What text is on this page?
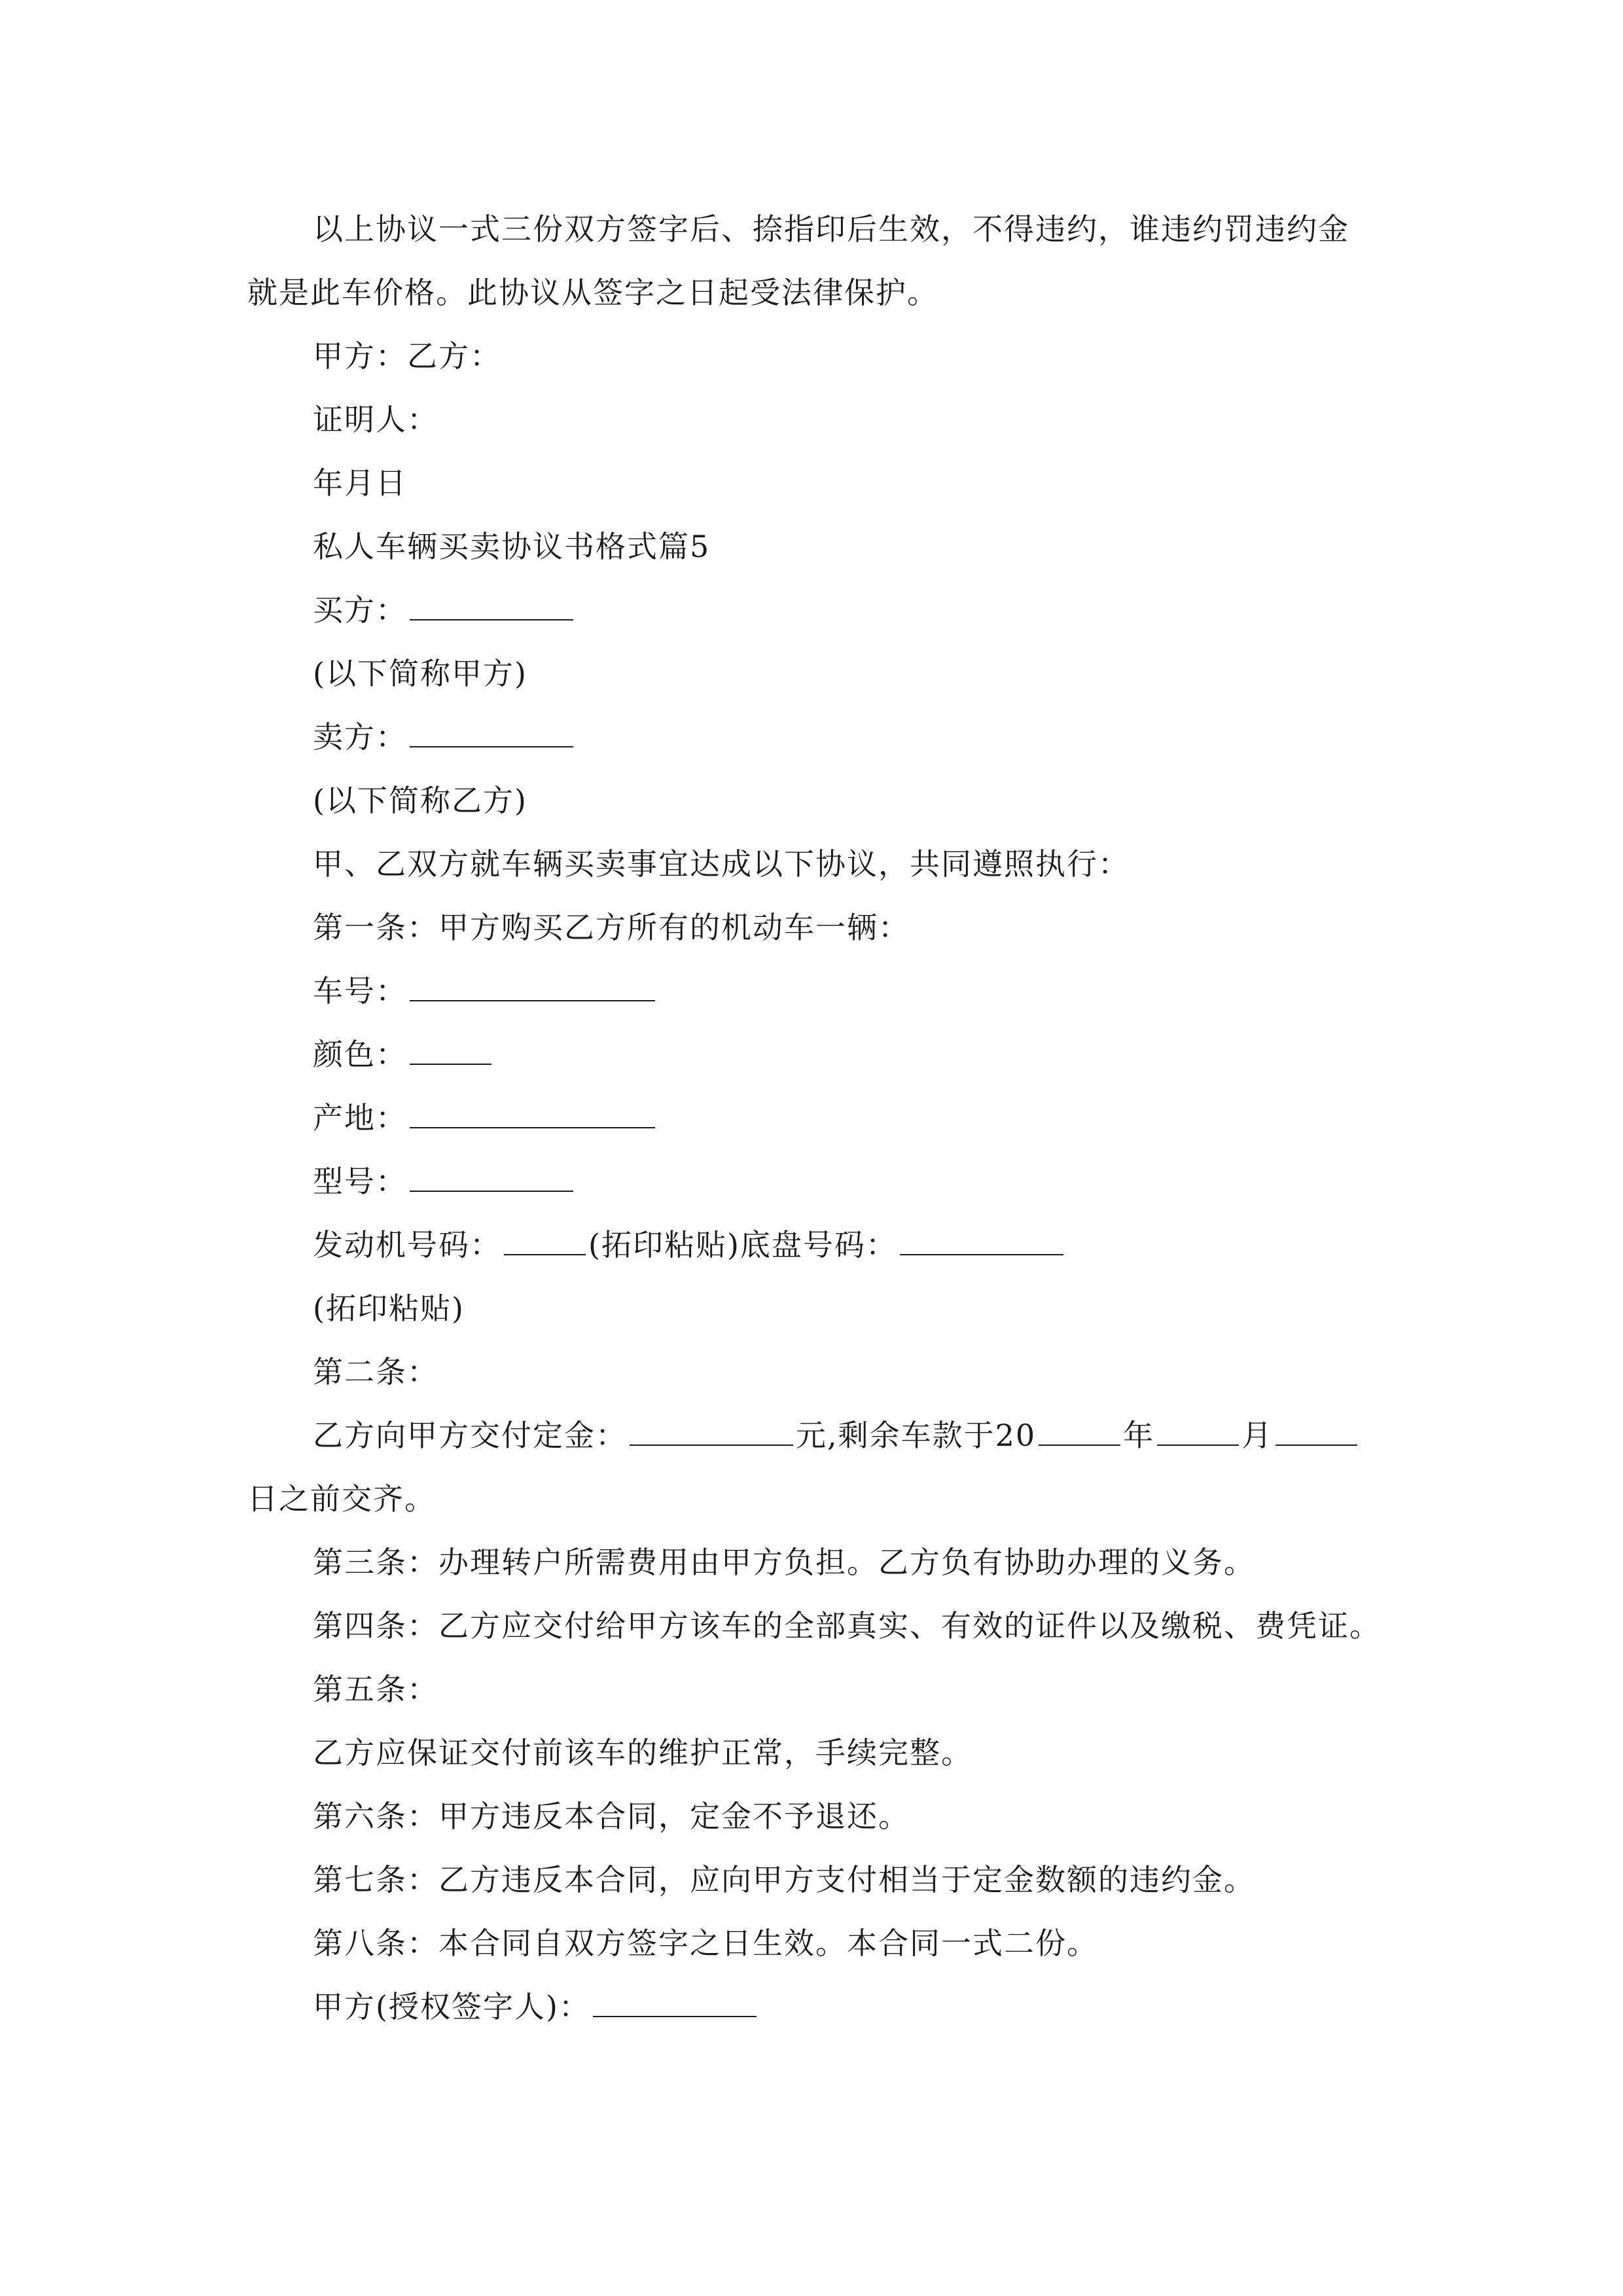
以上协议一式三份双方签字后、捺指印后生效，不得违约，谁违约罚违约金
就是此车价格。此协议从签字之日起受法律保护。
甲方：乙方：
证明人：
年月日
私人车辆买卖协议书格式篇5
买方：
(以下简称甲方)
卖方：
(以下简称乙方)
甲、乙双方就车辆买卖事宜达成以下协议，共同遵照执行：
第一条：甲方购买乙方所有的机动车一辆：
车号：
颜色：
产地：
型号：
发动机号码：	(拓印粘贴)底盘号码：
(拓印粘贴)
第二条：
乙方向甲方交付定金：	元,剩余车款于20	年	月
日之前交齐。
第三条：办理转户所需费用由甲方负担。乙方负有协助办理的义务。
第四条：乙方应交付给甲方该车的全部真实、有效的证件以及缴税、费凭证。
第五条：
乙方应保证交付前该车的维护正常，手续完整。
第六条：甲方违反本合同，定金不予退还。
第七条：乙方违反本合同，应向甲方支付相当于定金数额的违约金。
第八条：本合同自双方签字之日生效。本合同一式二份。
甲方(授权签字人)：
